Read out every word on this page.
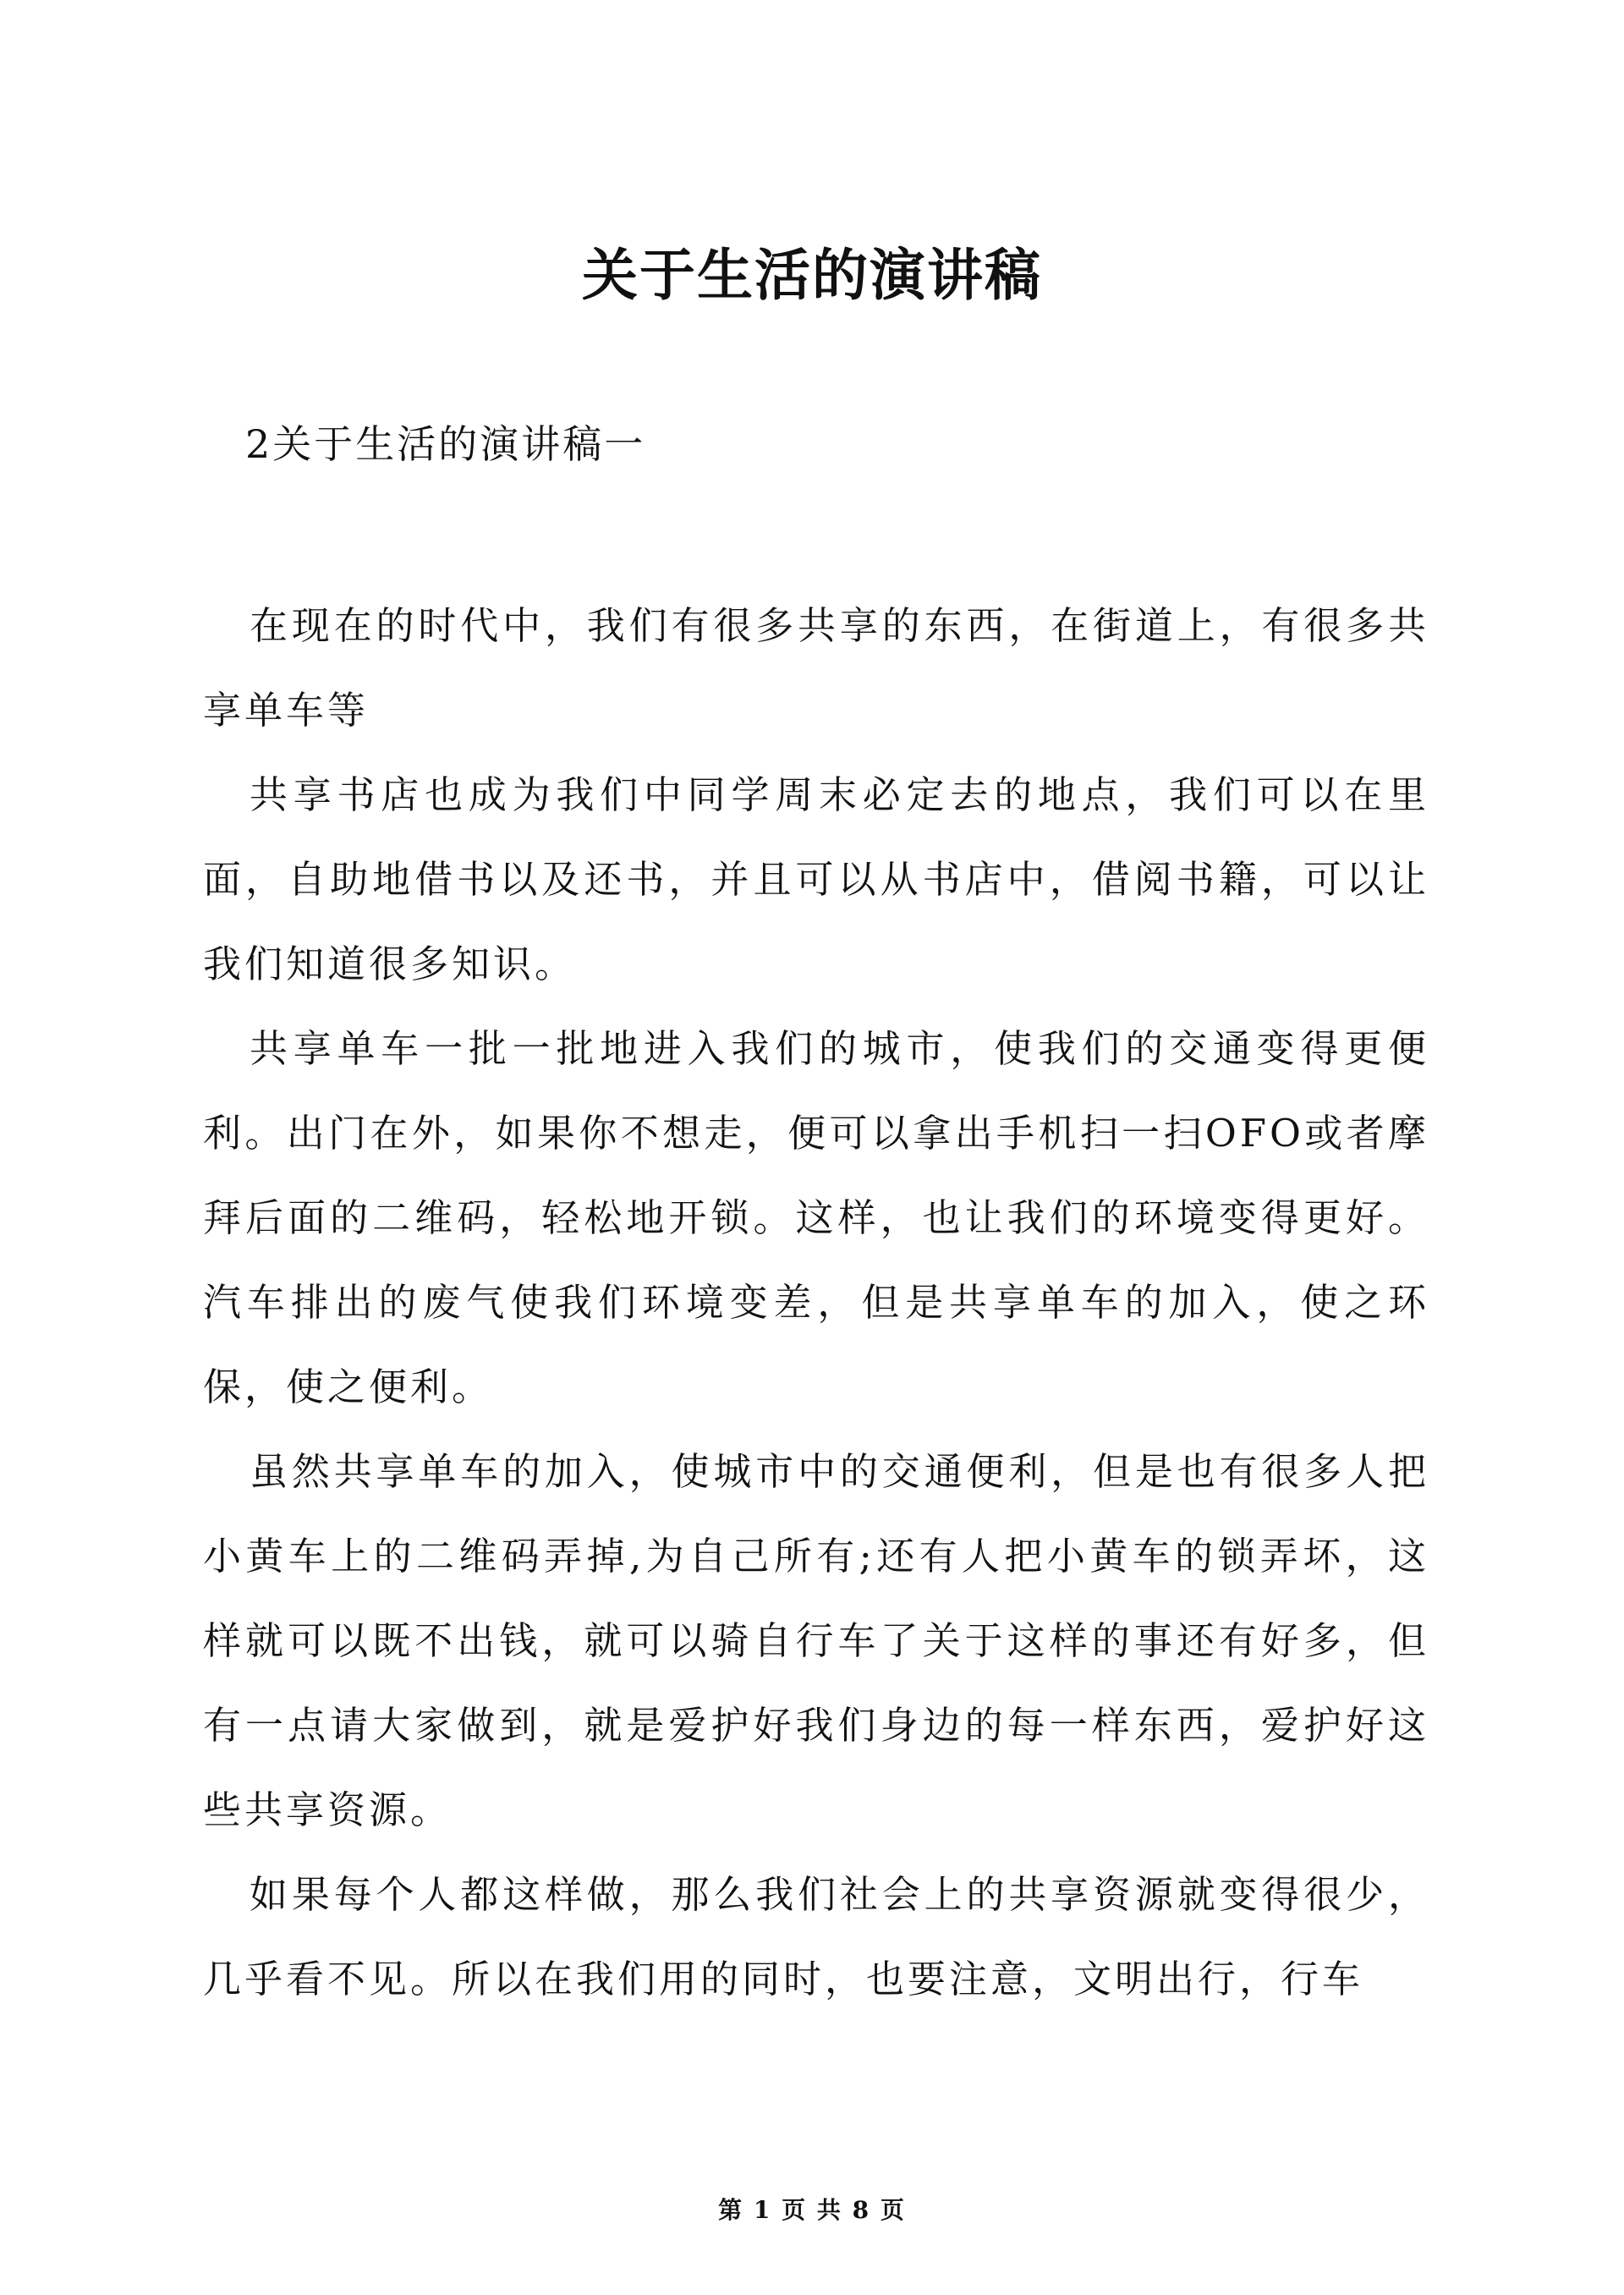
关于生活的演讲稿

2关于生活的演讲稿一

在现在的时代中，我们有很多共享的东西，在街道上，有很多共享单车等

共享书店也成为我们中同学周末必定去的地点，我们可以在里面，自助地借书以及还书，并且可以从书店中，借阅书籍，可以让我们知道很多知识。

共享单车一批一批地进入我们的城市，使我们的交通变得更便利。出门在外，如果你不想走，便可以拿出手机扫一扫OFO或者摩拜后面的二维码，轻松地开锁。这样，也让我们的环境变得更好。汽车排出的废气使我们环境变差，但是共享单车的加入，使之环保，使之便利。

虽然共享单车的加入，使城市中的交通便利，但是也有很多人把小黄车上的二维码弄掉,为自己所有;还有人把小黄车的锁弄坏，这样就可以既不出钱，就可以骑自行车了关于这样的事还有好多，但有一点请大家做到，就是爱护好我们身边的每一样东西，爱护好这些共享资源。

如果每个人都这样做，那么我们社会上的共享资源就变得很少，几乎看不见。所以在我们用的同时，也要注意，文明出行，行车

第 1 页 共 8 页
